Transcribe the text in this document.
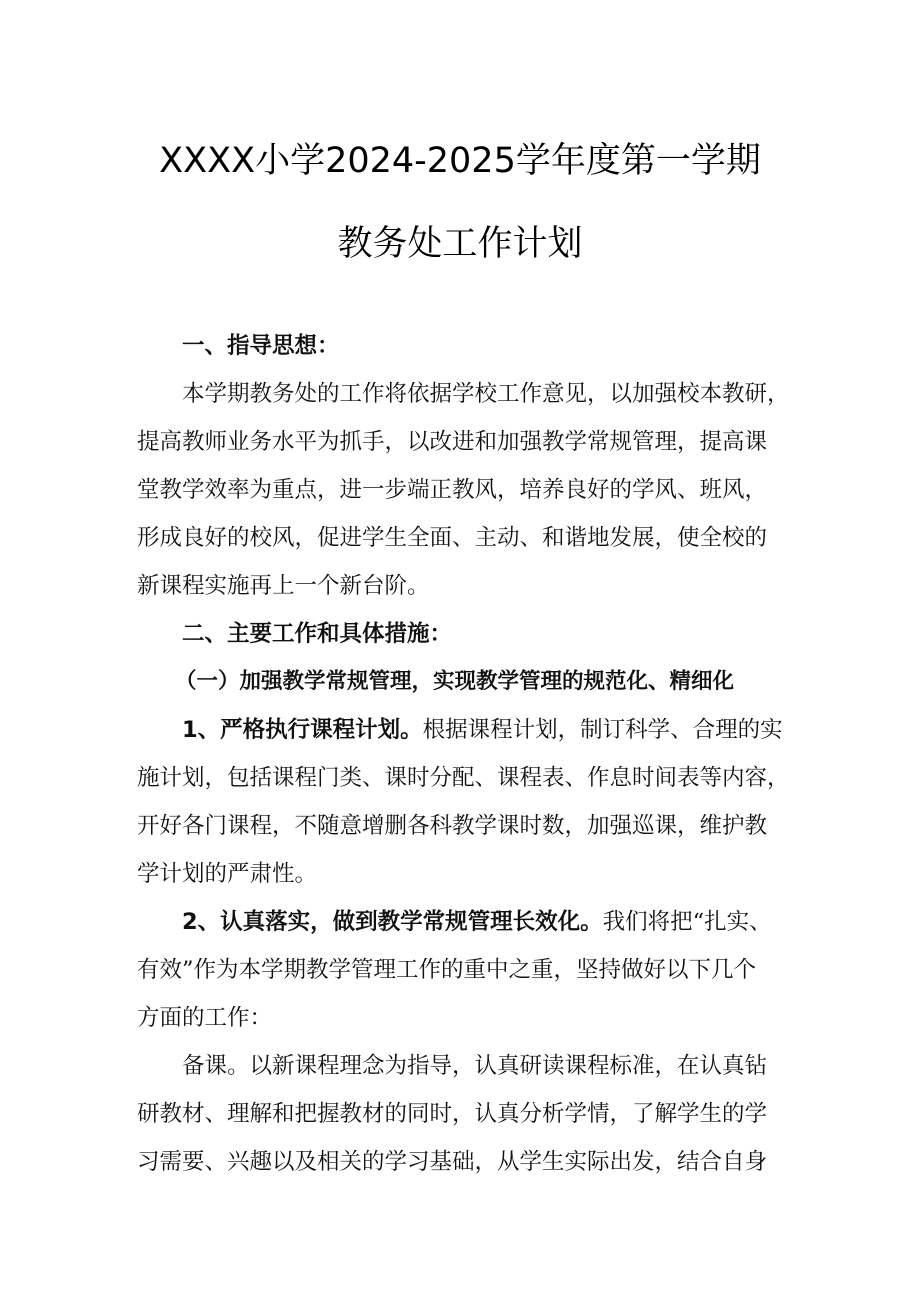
XXXX小学2024-2025学年度第一学期
教务处工作计划
一、指导思想：
本学期教务处的工作将依据学校工作意见，以加强校本教研，
提高教师业务水平为抓手，以改进和加强教学常规管理，提高课
堂教学效率为重点，进一步端正教风，培养良好的学风、班风，
形成良好的校风，促进学生全面、主动、和谐地发展，使全校的
新课程实施再上一个新台阶。
二、主要工作和具体措施：
（一）加强教学常规管理，实现教学管理的规范化、精细化
1、严格执行课程计划。根据课程计划，制订科学、合理的实
施计划，包括课程门类、课时分配、课程表、作息时间表等内容，
开好各门课程，不随意增删各科教学课时数，加强巡课，维护教
学计划的严肃性。
2、认真落实，做到教学常规管理长效化。我们将把“扎实、
有效”作为本学期教学管理工作的重中之重，坚持做好以下几个
方面的工作：
备课。以新课程理念为指导，认真研读课程标准，在认真钻
研教材、理解和把握教材的同时，认真分析学情，了解学生的学
习需要、兴趣以及相关的学习基础，从学生实际出发，结合自身
